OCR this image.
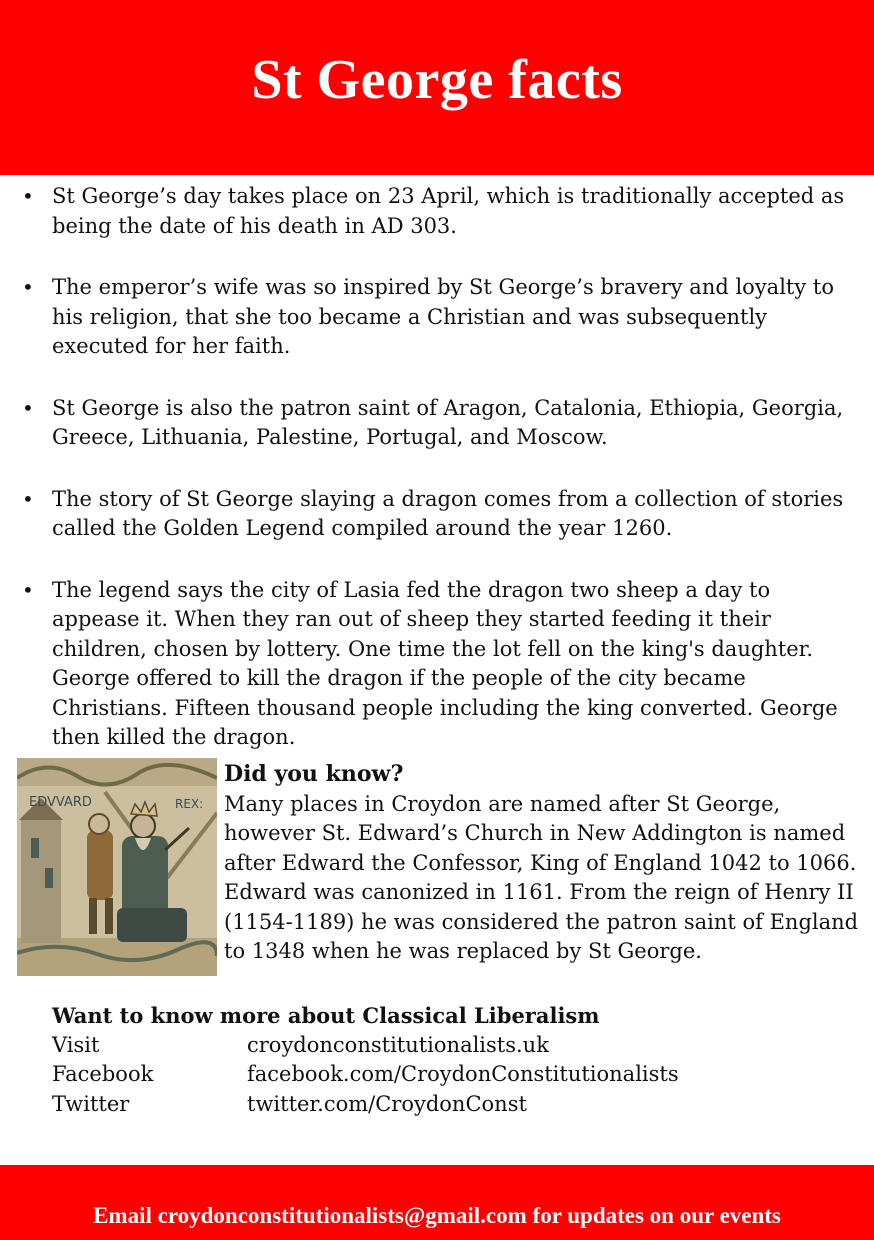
St George facts
• St George’s day takes place on 23 April, which is traditionally accepted as being the date of his death in AD 303.
• The emperor’s wife was so inspired by St George’s bravery and loyalty to his religion, that she too became a Christian and was subsequently executed for her faith.
• St George is also the patron saint of Aragon, Catalonia, Ethiopia, Georgia, Greece, Lithuania, Palestine, Portugal, and Moscow.
• The story of St George slaying a dragon comes from a collection of stories called the Golden Legend compiled around the year 1260.
• The legend says the city of Lasia fed the dragon two sheep a day to appease it. When they ran out of sheep they started feeding it their children, chosen by lottery. One time the lot fell on the king's daughter. George offered to kill the dragon if the people of the city became Christians. Fifteen thousand people including the king converted. George then killed the dragon.
EDVVARD	REX:
Did you know?
Many places in Croydon are named after St George, however St. Edward’s Church in New Addington is named after Edward the Confessor, King of England 1042 to 1066. Edward was canonized in 1161. From the reign of Henry II (1154-1189) he was considered the patron saint of England to 1348 when he was replaced by St George.
Want to know more about Classical Liberalism
Visit	croydonconstitutionalists.uk
Facebook	facebook.com/CroydonConstitutionalists
Twitter	twitter.com/CroydonConst
Email croydonconstitutionalists@gmail.com for updates on our events
